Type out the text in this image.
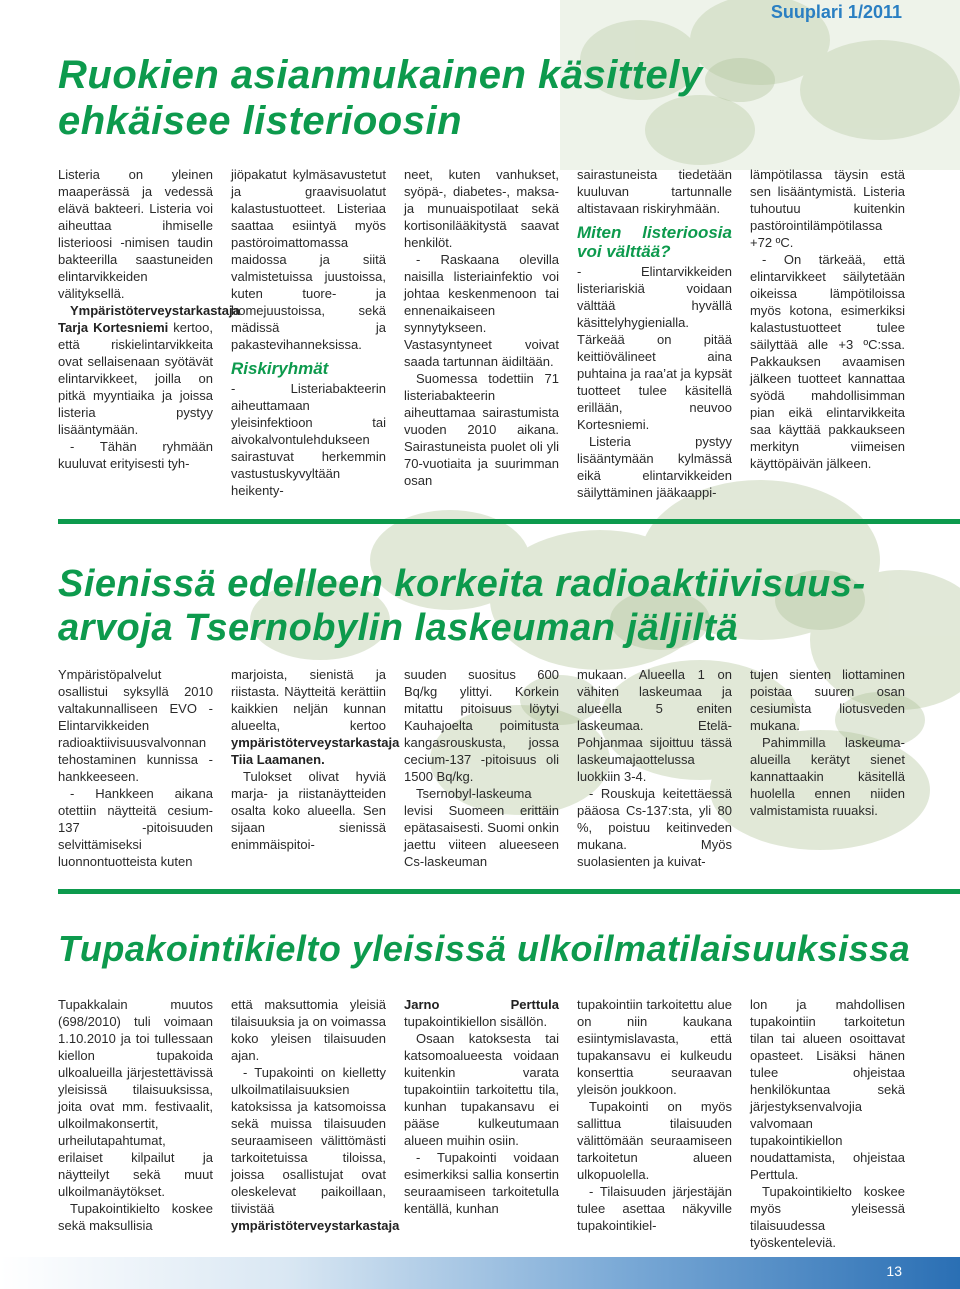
Suuplari 1/2011
Ruokien asianmukainen käsittely
ehkäisee listerioosin

Listeria on yleinen maaperässä ja vedessä elävä bakteeri. Listeria voi aiheuttaa ihmiselle listerioosi -nimisen taudin bakteerilla saastuneiden elintarvikkeiden välityksellä.

Ympäristöterveystarkastaja Tarja Kortesniemi kertoo, että riskielintarvikkeita ovat sellaisenaan syötävät elintarvikkeet, joilla on pitkä myyntiaika ja joissa listeria pystyy lisääntymään.

- Tähän ryhmään kuuluvat erityisesti tyh-

jiöpakatut kylmäsavustetut ja graavisuolatut kalastustuotteet. Listeriaa saattaa esiintyä myös pastöroimattomassa maidossa ja siitä valmistetuissa juustoissa, kuten tuore- ja homejuustoissa, sekä mädissä ja pakastevihanneksissa.

Riskiryhmät

- Listeriabakteerin aiheuttamaan yleisinfektioon tai aivokalvontulehdukseen sairastuvat herkemmin vastustuskyvyltään heikenty-

neet, kuten vanhukset, syöpä-, diabetes-, maksa- ja munuaispotilaat sekä kortisonilääkitystä saavat henkilöt.

- Raskaana olevilla naisilla listeriainfektio voi johtaa keskenmenoon tai ennenaikaiseen synnytykseen. Vastasyntyneet voivat saada tartunnan äidiltään.

Suomessa todettiin 71 listeriabakteerin aiheuttamaa sairastumista vuoden 2010 aikana. Sairastuneista puolet oli yli 70-vuotiaita ja suurimman osan

sairastuneista tiedetään kuuluvan tartunnalle altistavaan riskiryhmään.

Miten listerioosia voi välttää?

- Elintarvikkeiden listeriariskiä voidaan välttää hyvällä käsittelyhygienialla. Tärkeää on pitää keittiövälineet aina puhtaina ja raa’at ja kypsät tuotteet tulee käsitellä erillään, neuvoo Kortesniemi.

Listeria pystyy lisääntymään kylmässä eikä elintarvikkeiden säilyttäminen jääkaappi-

lämpötilassa täysin estä sen lisääntymistä. Listeria tuhoutuu kuitenkin pastörointilämpötilassa +72 ºC.

- On tärkeää, että elintarvikkeet säilytetään oikeissa lämpötiloissa myös kotona, esimerkiksi kalastustuotteet tulee säilyttää alle +3 ºC:ssa. Pakkauksen avaamisen jälkeen tuotteet kannattaa syödä mahdollisimman pian eikä elintarvikkeita saa käyttää pakkaukseen merkityn viimeisen käyttöpäivän jälkeen.

Sienissä edelleen korkeita radioaktiivisuus-
arvoja Tsernobylin laskeuman jäljiltä

Ympäristöpalvelut osallistui syksyllä 2010 valtakunnalliseen EVO - Elintarvikkeiden radioaktiivisuusvalvonnan tehostaminen kunnissa -hankkeeseen.

- Hankkeen aikana otettiin näytteitä cesium-137 -pitoisuuden selvittämiseksi luonnontuotteista kuten

marjoista, sienistä ja riistasta. Näytteitä kerättiin kaikkien neljän kunnan alueelta, kertoo ympäristöterveystarkastaja Tiia Laamanen.

Tulokset olivat hyviä marja- ja riistanäytteiden osalta koko alueella. Sen sijaan sienissä enimmäispitoi-

suuden suositus 600 Bq/kg ylittyi. Korkein mitattu pitoisuus löytyi Kauhajoelta poimitusta kangasrouskusta, jossa cecium-137 -pitoisuus oli 1500 Bq/kg.

Tsernobyl-laskeuma levisi Suomeen erittäin epätasaisesti. Suomi onkin jaettu viiteen alueeseen Cs-laskeuman

mukaan. Alueella 1 on vähiten laskeumaa ja alueella 5 eniten laskeumaa. Etelä-Pohjanmaa sijoittuu tässä laskeumajaottelussa luokkiin 3-4.

- Rouskuja keitettäessä pääosa Cs-137:sta, yli 80 %, poistuu keitinveden mukana. Myös suolasienten ja kuivat-

tujen sienten liottaminen poistaa suuren osan cesiumista liotusveden mukana.

Pahimmilla laskeuma-alueilla kerätyt sienet kannattaakin käsitellä huolella ennen niiden valmistamista ruuaksi.

Tupakointikielto yleisissä ulkoilmatilaisuuksissa

Tupakkalain muutos (698/2010) tuli voimaan 1.10.2010 ja toi tullessaan kiellon tupakoida ulkoalueilla järjestettävissä yleisissä tilaisuuksissa, joita ovat mm. festivaalit, ulkoilmakonsertit, urheilutapahtumat, erilaiset kilpailut ja näytteilyt sekä muut ulkoilmanäytökset.

Tupakointikielto koskee sekä maksullisia

että maksuttomia yleisiä tilaisuuksia ja on voimassa koko yleisen tilaisuuden ajan.

- Tupakointi on kielletty ulkoilmatilaisuuksien katoksissa ja katsomoissa sekä muissa tilaisuuden seuraamiseen välittömästi tarkoitetuissa tiloissa, joissa osallistujat ovat oleskelevat paikoillaan, tiivistää ympäristöterveystarkastaja

Jarno Perttula tupakointikiellon sisällön.

Osaan katoksesta tai katsomoalueesta voidaan kuitenkin varata tupakointiin tarkoitettu tila, kunhan tupakansavu ei pääse kulkeutumaan alueen muihin osiin.

- Tupakointi voidaan esimerkiksi sallia konsertin seuraamiseen tarkoitetulla kentällä, kunhan

tupakointiin tarkoitettu alue on niin kaukana esiintymislavasta, että tupakansavu ei kulkeudu konserttia seuraavan yleisön joukkoon.

Tupakointi on myös sallittua tilaisuuden välittömään seuraamiseen tarkoitetun alueen ulkopuolella.

- Tilaisuuden järjestäjän tulee asettaa näkyville tupakointikiel-

lon ja mahdollisen tupakointiin tarkoitetun tilan tai alueen osoittavat opasteet. Lisäksi hänen tulee ohjeistaa henkilökuntaa sekä järjestyksenvalvojia valvomaan tupakointikiellon noudattamista, ohjeistaa Perttula.

Tupakointikielto koskee myös yleisessä tilaisuudessa työskenteleviä.

13
